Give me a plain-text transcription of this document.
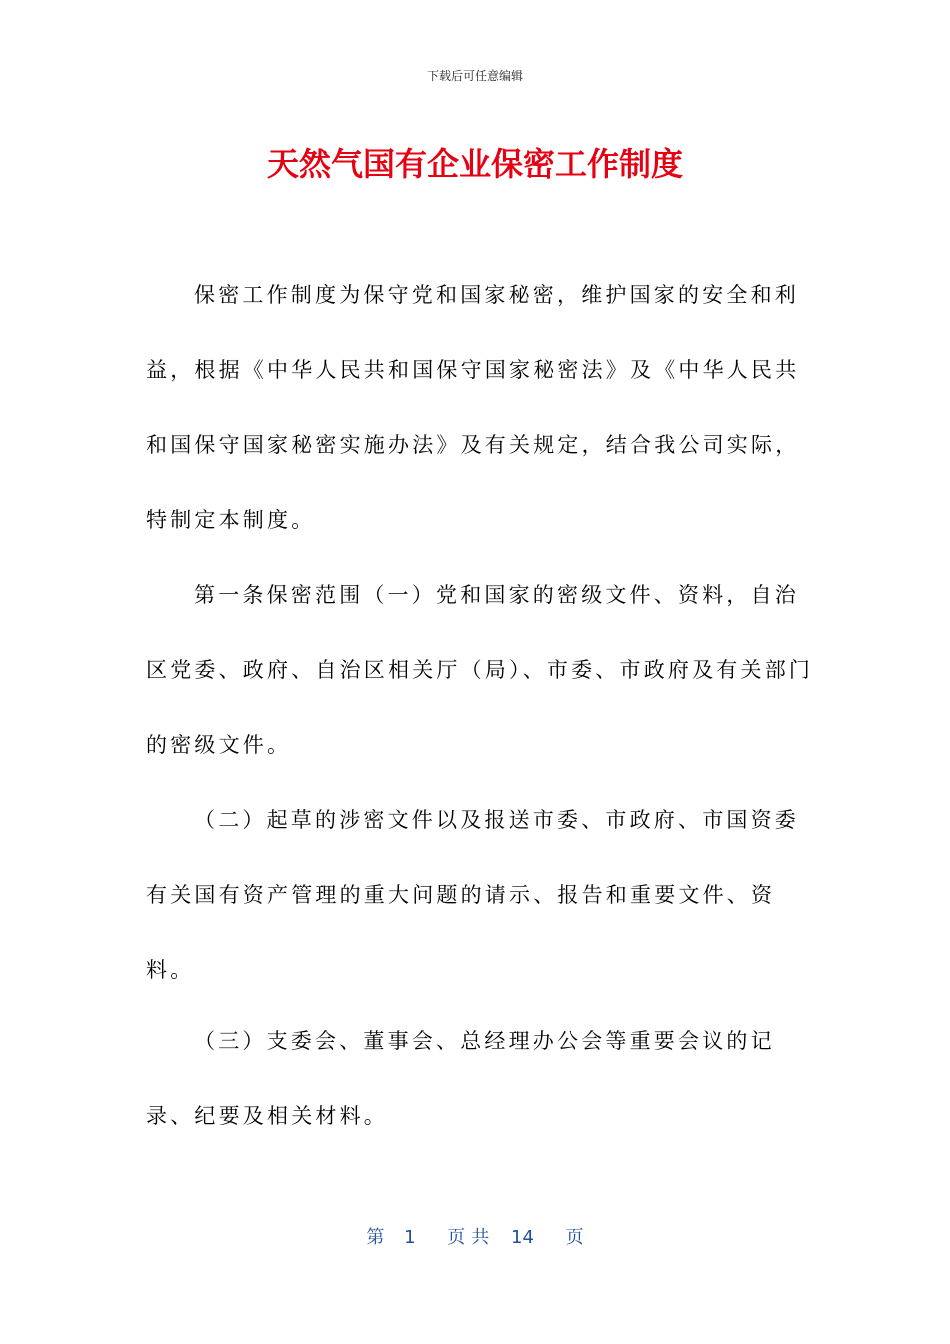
下载后可任意编辑
天然气国有企业保密工作制度

保密工作制度为保守党和国家秘密，维护国家的安全和利益，根据《中华人民共和国保守国家秘密法》及《中华人民共和国保守国家秘密实施办法》及有关规定，结合我公司实际，特制定本制度。

第一条保密范围（一）党和国家的密级文件、资料，自治区党委、政府、自治区相关厅（局）、市委、市政府及有关部门的密级文件。

（二）起草的涉密文件以及报送市委、市政府、市国资委有关国有资产管理的重大问题的请示、报告和重要文件、资料。

（三）支委会、董事会、总经理办公会等重要会议的记录、纪要及相关材料。

第 1 页共 14 页
